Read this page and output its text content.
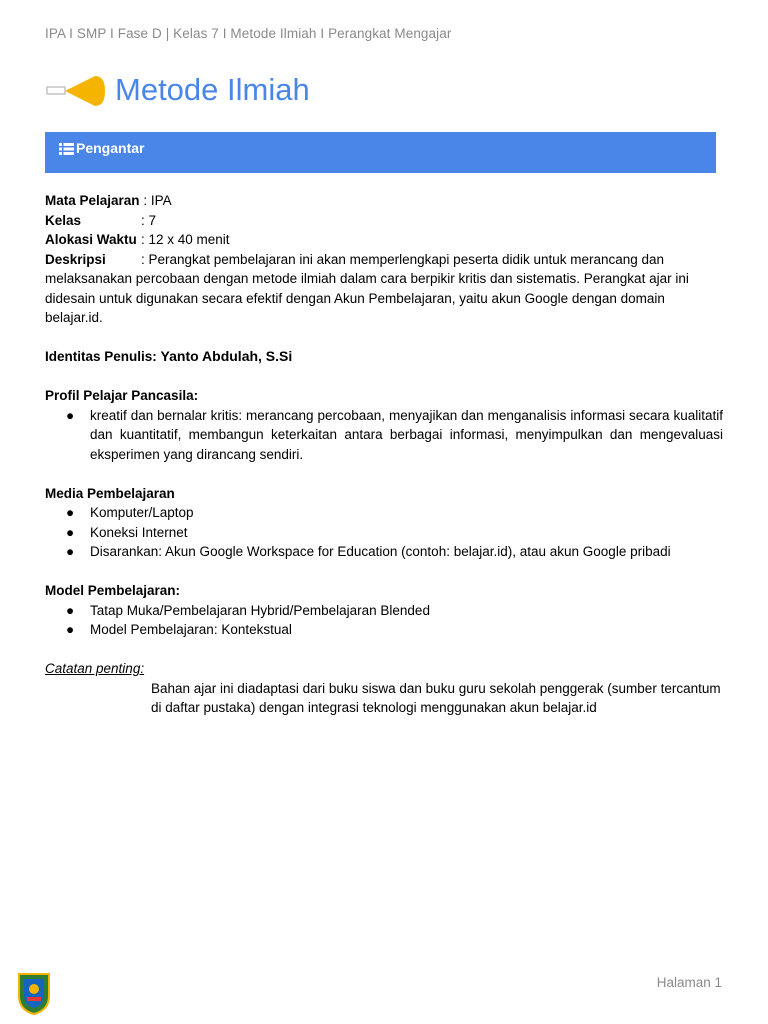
IPA I SMP I Fase D | Kelas 7 I Metode Ilmiah I Perangkat Mengajar
Metode Ilmiah
Pengantar
Mata Pelajaran : IPA
Kelas	: 7
Alokasi Waktu : 12 x 40 menit
Deskripsi	: Perangkat pembelajaran ini akan memperlengkapi peserta didik untuk merancang dan
melaksanakan percobaan dengan metode ilmiah dalam cara berpikir kritis dan sistematis. Perangkat ajar ini didesain untuk digunakan secara efektif dengan Akun Pembelajaran, yaitu akun Google dengan domain belajar.id.
Identitas Penulis: Yanto Abdulah, S.Si
Profil Pelajar Pancasila:
● kreatif dan bernalar kritis: merancang percobaan, menyajikan dan menganalisis informasi secara kualitatif dan kuantitatif, membangun keterkaitan antara berbagai informasi, menyimpulkan dan mengevaluasi eksperimen yang dirancang sendiri.
Media Pembelajaran
● Komputer/Laptop
● Koneksi Internet
● Disarankan: Akun Google Workspace for Education (contoh: belajar.id), atau akun Google pribadi
Model Pembelajaran:
● Tatap Muka/Pembelajaran Hybrid/Pembelajaran Blended
● Model Pembelajaran: Kontekstual
Catatan penting:
Bahan ajar ini diadaptasi dari buku siswa dan buku guru sekolah penggerak (sumber tercantum di daftar pustaka) dengan integrasi teknologi menggunakan akun belajar.id
Halaman 1
